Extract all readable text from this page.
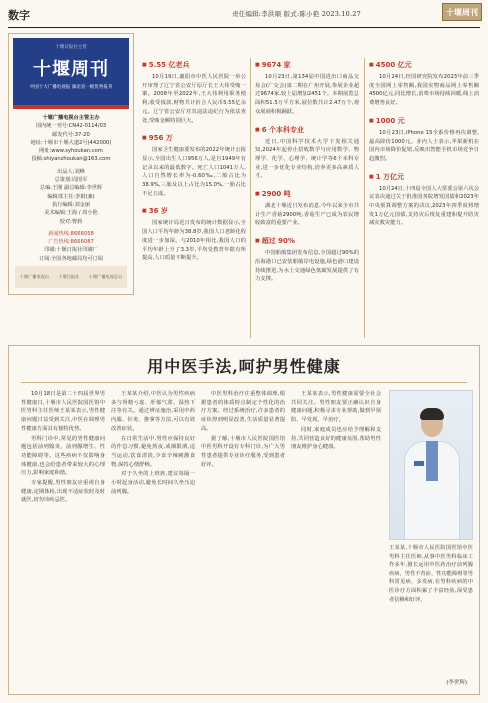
数字	责任编辑:李洪顺 版式:陈小艳 2023.10.27	十堰周刊
十堰日报社主管
十堰周刊
中国十大广播电视报 湖北省一级优秀报刊
十堰广播电视台主管主办
国内统一刊号:CN42-0114/03
邮发代号:37-20
地址:十堰市十堰大道2号(442000)
网址:www.syhoukan.com
投稿:shiyanzhoukan@163.com
出品人:刘峰
总策划:周国军
总编:王刚 副总编辑:李世辉
编辑部主任:李娟(兼)
执行编辑:刘金丽
美术编辑:王海 / 周小艳
校对:曹莉
新闻热线:8666058
广告热线:8666087
印刷:十堰日报社印刷厂
订阅:全国各地邮局均可订阅
十堰广播电视台 十堰日报社 十堰广播电视总台
■ 5.55 亿老兵

10月19日,襄阳市中医人民医院一举公开审理了辽宁省公安厅原厅长王大伟受贿一案。2008年至2022年,王大伟利用职务便利,收受钱款,财物共计折合人民币5.55亿余元。辽宁省公安厅对其违法违纪行为依法查处,受贿金额特别巨大。

■ 956 万

国家卫生健康委发布的2022年统计公报显示,全国出生人口956万人,是自1949年有记录以来的最低数字。死亡人口1041万人,人口自然增长率为-0.60‰,二胎占比为38.9%,三胎及以上占比为15.0%,一胎占比不足五成。

■ 36 岁

国家统计局近日发布的统计数据显示,全国人口平均年龄为38.8岁,我国人口老龄化程度进一步加深。与2010年相比,我国人口的平均年龄上升了3.3岁,平均受教育年限有所提高,人口质量不断提升。

■ 9674 家

10月23日,第134届中国进出口商品交易会(广交会)第二期在广州开展,参展企业超过9674家,较上届增加2451个。本期展览总面积51.5万平方米,展位数共计2.47万个,观众展商积极踊跃。

■ 6 个本科专业

近日,中国科学技术大学下发相关通知,2024年起停止招收数学与应用数学、物理学、化学、心理学、统计学等6个本科专业,进一步优化专业结构,培养更多高素质人才。

■ 2900 吨

湖北十堰近日发布消息,今年以来全市共计生产香菇2900吨,香菇生产已成为农民增收致富的重要产业。

■ 超过 90%

中国船舶集团发布信息,全国超过90%的沿海港口已安装船舶岸电设施,绿色港口建设持续推进,为水上交通绿色低碳发展提供了有力支撑。

■ 4500 亿元

10月24日,经国研究院发布2023年前三季度全国网上零售额,我国实物商品网上零售额4500亿元,同比增长,消费市场持续回暖,线上消费增势良好。

■ 1000 元

10月23日,iPhone 15全系价格再次调整,最高降价1000元。业内人士表示,苹果新机在国内市场降价促销,反映出智能手机市场竞争日趋激烈。

■ 1 万亿元

10月24日,十四届全国人大常委会第六次会议表决通过关于批准国务院增发国债和2023年中央预算调整方案的决议,2023年四季度将增发1万亿元国债,支持灾后恢复重建和提升防灾减灾救灾能力。

用中医手法,呵护男性健康

10月18日是第二十四届世界男性健康日,十堰市人民医院国医馆中医男科主任医师王某某表示,男性健康问题日益受到关注,中医在调理男性健康方面具有独特优势。

男科门诊中,常见的男性健康问题包括前列腺炎、前列腺增生、性功能障碍等。这些疾病不仅影响身体健康,也会给患者带来较大的心理压力,影响家庭和谐。

专家提醒,男性朋友应重视自身健康,定期体检,出现不适症状时及时就医,切勿讳疾忌医。

王某某介绍,中医认为男性疾病多与肾精亏虚、肝郁气滞、湿热下注等有关。通过辨证施治,采用中药内服、针灸、推拿等方法,可以有效改善症状。

在日常生活中,男性应保持良好的作息习惯,避免熬夜,戒烟限酒,适当运动,饮食清淡,少食辛辣刺激食物,保持心情舒畅。

对于久坐的上班族,建议每隔一小时起身活动,避免长时间久坐压迫前列腺。

中医男科治疗注重整体调理,根据患者的体质特点制定个性化的治疗方案。经过系统治疗,许多患者的症状得到明显改善,生活质量显著提高。

据了解,十堰市人民医院国医馆中医男科开设有专科门诊,为广大男性患者提供专业诊疗服务,受到患者好评。

王某某表示,男性健康需要全社会共同关注。男性朋友要正确认识自身健康问题,积极寻求专业帮助,做到早预防、早发现、早治疗。

同时,家庭成员也应给予理解和支持,共同营造良好的健康氛围,帮助男性朋友维护身心健康。

王某某,十堰市人民医院国医馆中医男科主任医师,从事中医男科临床工作多年,擅长运用中医药治疗前列腺疾病、男性不育症、性功能障碍等男科常见病、多发病,在男科疾病的中医诊疗方面积累了丰富经验,深受患者信赖和好评。
(李世辉)
